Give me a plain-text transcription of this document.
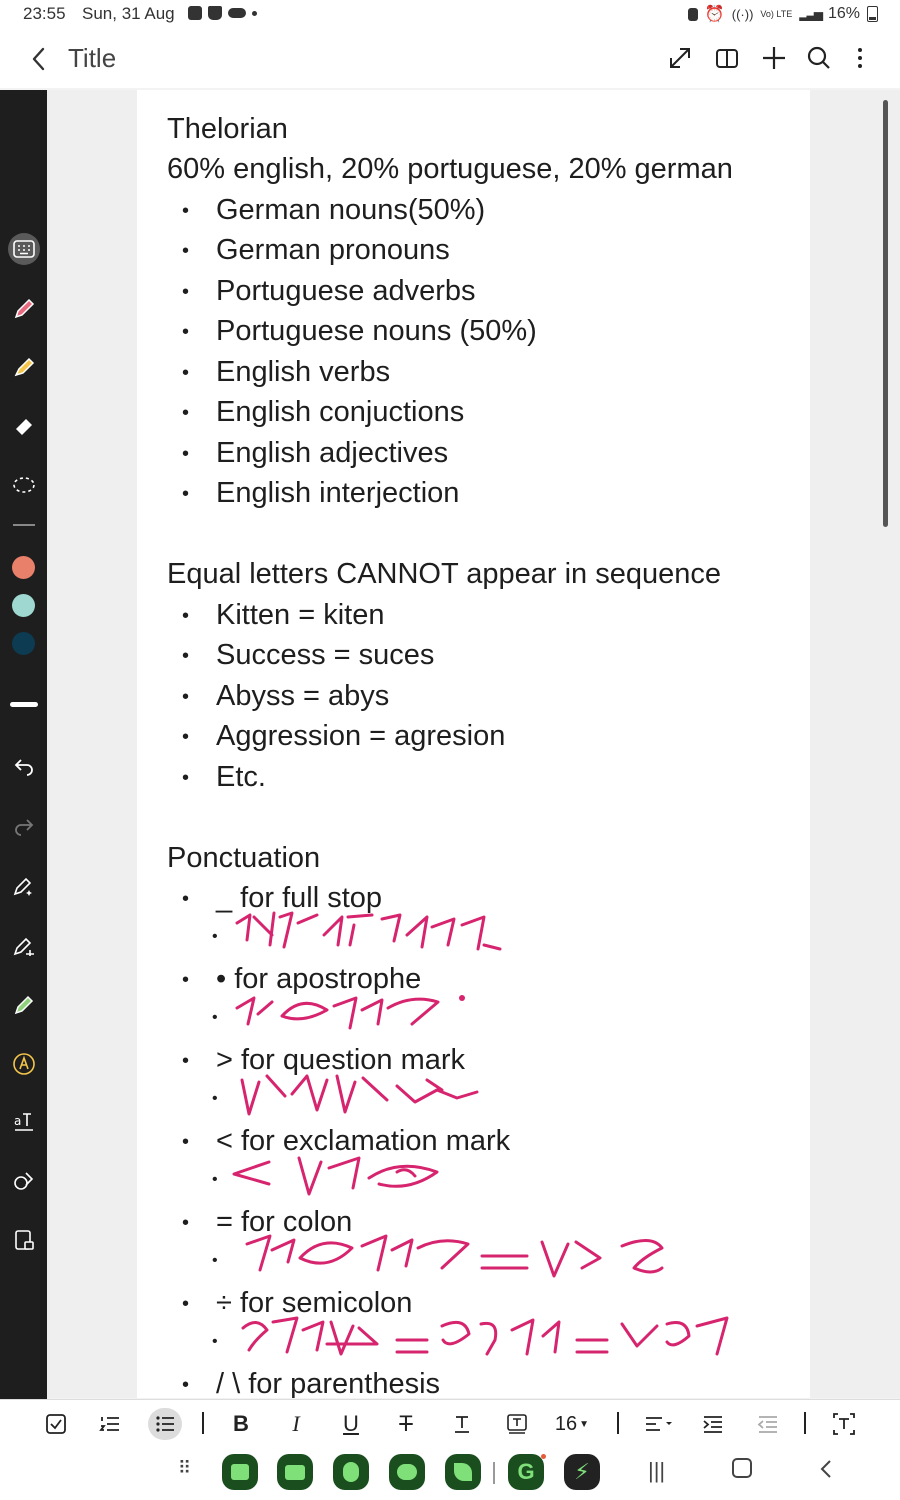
23:55 Sun, 31 Aug	⏰ ((·)) Vo) LTE ▂▃▅ 16%
Title
a
Thelorian
60% english, 20% portuguese, 20% german
• German nouns(50%)
• German pronouns
• Portuguese adverbs
• Portuguese nouns (50%)
• English verbs
• English conjuctions
• English adjectives
• English interjection
Equal letters CANNOT appear in sequence
• Kitten = kiten
• Success = suces
• Abyss = abys
• Aggression = agresion
• Etc.
Ponctuation
• _ for full stop
•
• • for apostrophe
•
• > for question mark
•
• < for exclamation mark
•
• = for colon
•
• ÷ for semicolon
•
• / \ for parenthesis
B I U T	16 ▼
⠿	G ⚡	|||
